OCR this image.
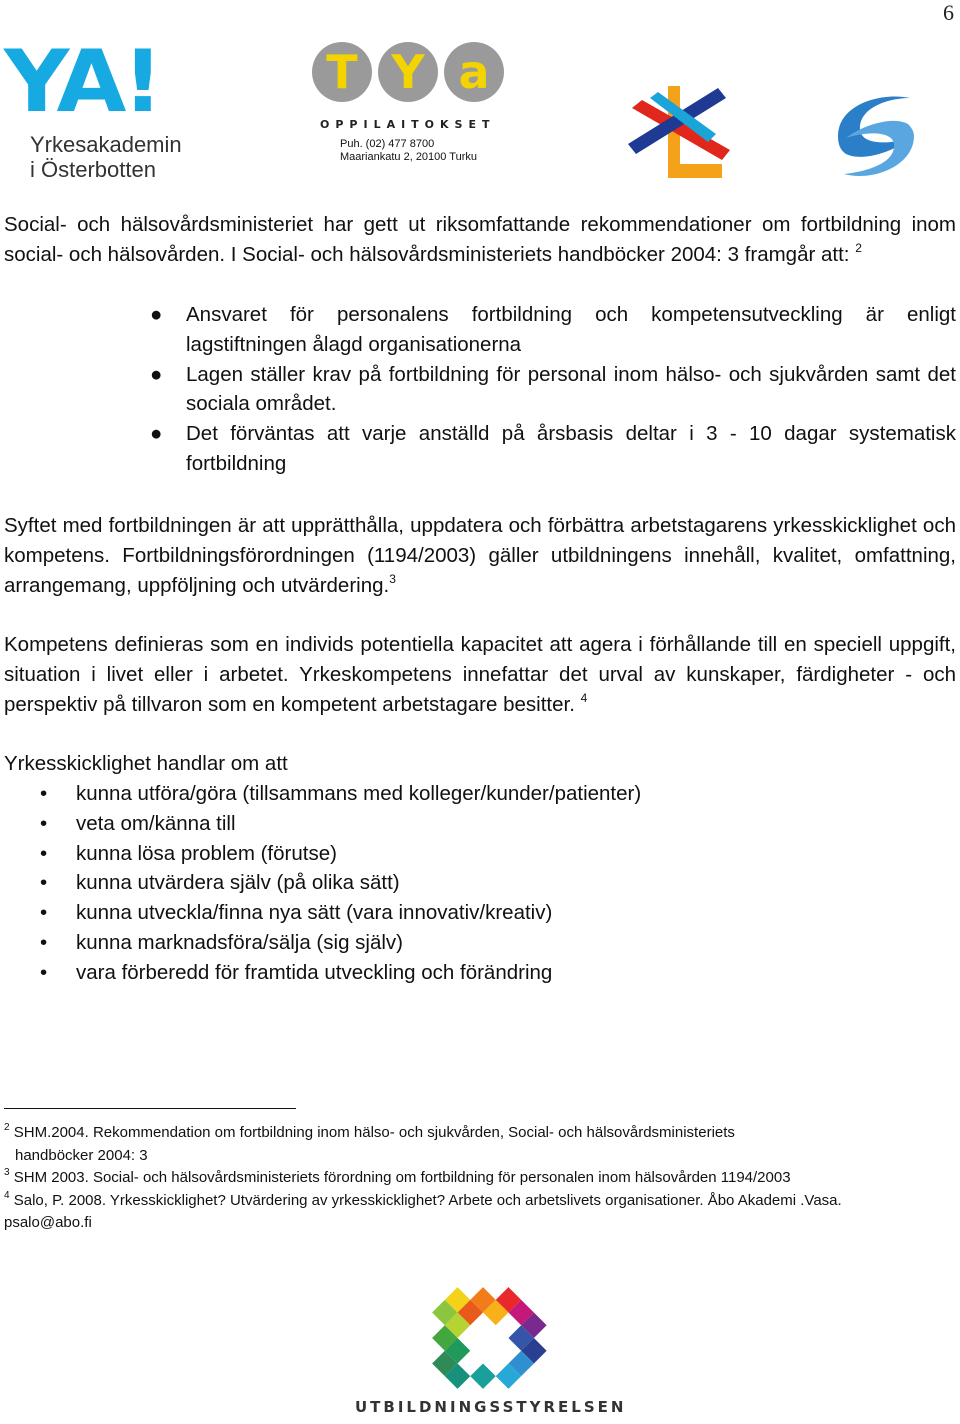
6
YA!
Yrkesakademin
i Österbotten
T Y a
OPPILAITOKSET
Puh. (02) 477 8700
Maariankatu 2, 20100 Turku

Social- och hälsovårdsministeriet har gett ut riksomfattande rekommendationer om fortbildning inom social- och hälsovården. I Social- och hälsovårdsministeriets handböcker 2004: 3 framgår att: $^2$

● Ansvaret för personalens fortbildning och kompetensutveckling är enligt lagstiftningen ålagd organisationerna
● Lagen ställer krav på fortbildning för personal inom hälso- och sjukvården samt det sociala området.
● Det förväntas att varje anställd på årsbasis deltar i 3 - 10 dagar systematisk fortbildning

Syftet med fortbildningen är att upprätthålla, uppdatera och förbättra arbetstagarens yrkesskicklighet och kompetens. Fortbildningsförordningen (1194/2003) gäller utbildningens innehåll, kvalitet, omfattning, arrangemang, uppföljning och utvärdering.$^3$

Kompetens definieras som en individs potentiella kapacitet att agera i förhållande till en speciell uppgift, situation i livet eller i arbetet. Yrkeskompetens innefattar det urval av kunskaper, färdigheter - och perspektiv på tillvaron som en kompetent arbetstagare besitter. $^4$

Yrkesskicklighet handlar om att

• kunna utföra/göra (tillsammans med kolleger/kunder/patienter)
• veta om/känna till
• kunna lösa problem (förutse)
• kunna utvärdera själv (på olika sätt)
• kunna utveckla/finna nya sätt (vara innovativ/kreativ)
• kunna marknadsföra/sälja (sig själv)
• vara förberedd för framtida utveckling och förändring

$^2$ SHM.2004. Rekommendation om fortbildning inom hälso- och sjukvården, Social- och hälsovårdsministeriets

handböcker 2004: 3

$^3$ SHM 2003. Social- och hälsovårdsministeriets förordning om fortbildning för personalen inom hälsovården 1194/2003

$^4$ Salo, P. 2008. Yrkesskicklighet? Utvärdering av yrkesskicklighet? Arbete och arbetslivets organisationer. Åbo Akademi .Vasa.

psalo@abo.fi

UTBILDNINGSSTYRELSEN
